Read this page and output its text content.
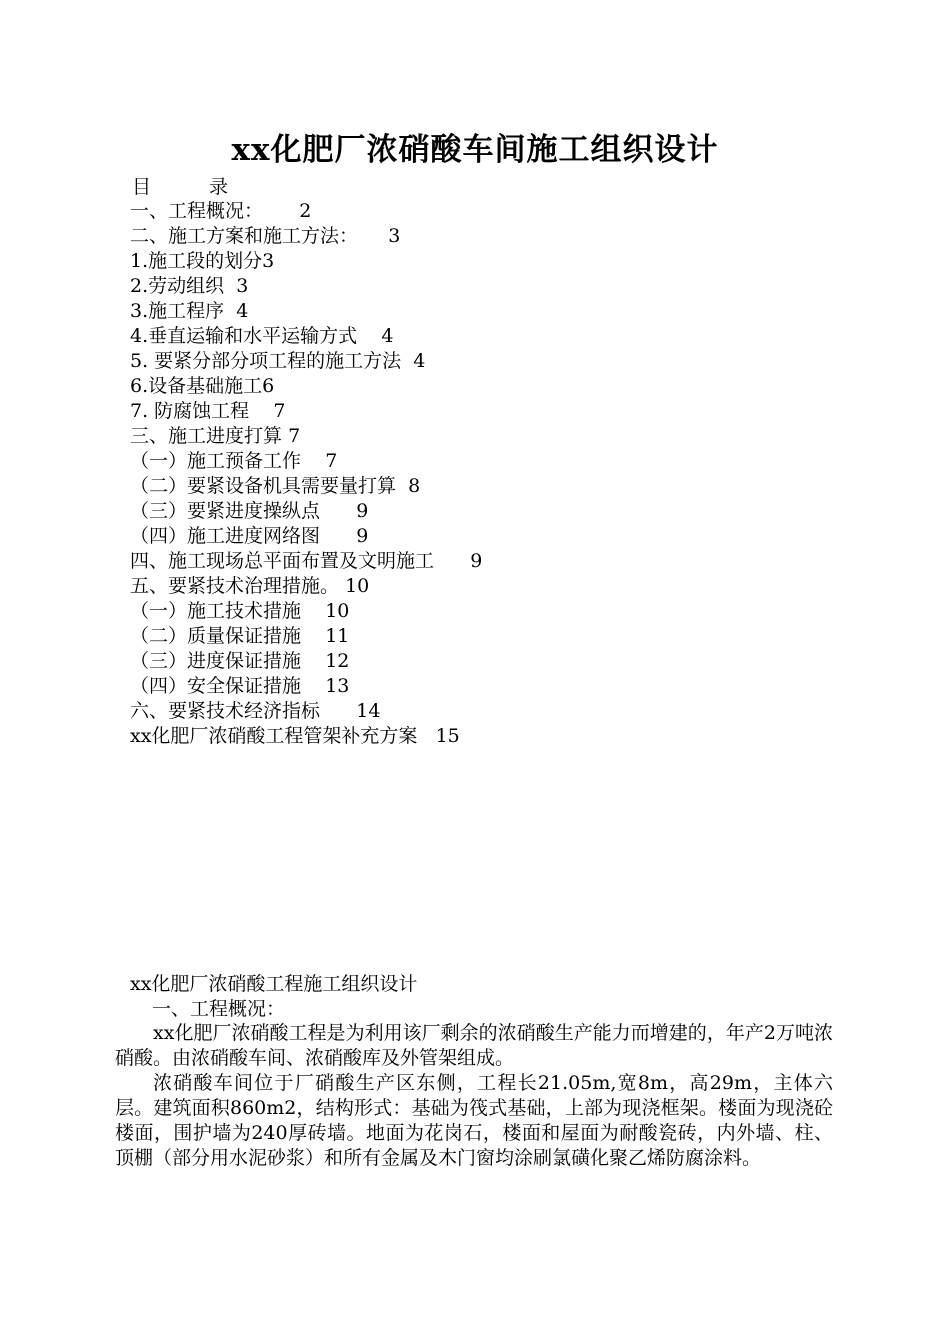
xx化肥厂浓硝酸车间施工组织设计
目	录
一、工程概况： 2
二、施工方案和施工方法： 3
1.施工段的划分3
2.劳动组织 3
3.施工程序 4
4.垂直运输和水平运输方式 4
5. 要紧分部分项工程的施工方法 4
6.设备基础施工6
7. 防腐蚀工程 7
三、施工进度打算 7
（一）施工预备工作 7
（二）要紧设备机具需要量打算 8
（三）要紧进度操纵点 9
（四）施工进度网络图 9
四、施工现场总平面布置及文明施工 9
五、要紧技术治理措施。 10
（一）施工技术措施 10
（二）质量保证措施 11
（三）进度保证措施 12
（四）安全保证措施 13
六、要紧技术经济指标 14
xx化肥厂浓硝酸工程管架补充方案 15
xx化肥厂浓硝酸工程施工组织设计
一、工程概况：

xx化肥厂浓硝酸工程是为利用该厂剩余的浓硝酸生产能力而增建的，年产2万吨浓硝酸。由浓硝酸车间、浓硝酸库及外管架组成。

浓硝酸车间位于厂硝酸生产区东侧，工程长21.05m,宽8m，高29m，主体六层。建筑面积860m2，结构形式：基础为筏式基础，上部为现浇框架。楼面为现浇砼楼面，围护墙为240厚砖墙。地面为花岗石，楼面和屋面为耐酸瓷砖，内外墙、柱、顶棚（部分用水泥砂浆）和所有金属及木门窗均涂刷氯磺化聚乙烯防腐涂料。
